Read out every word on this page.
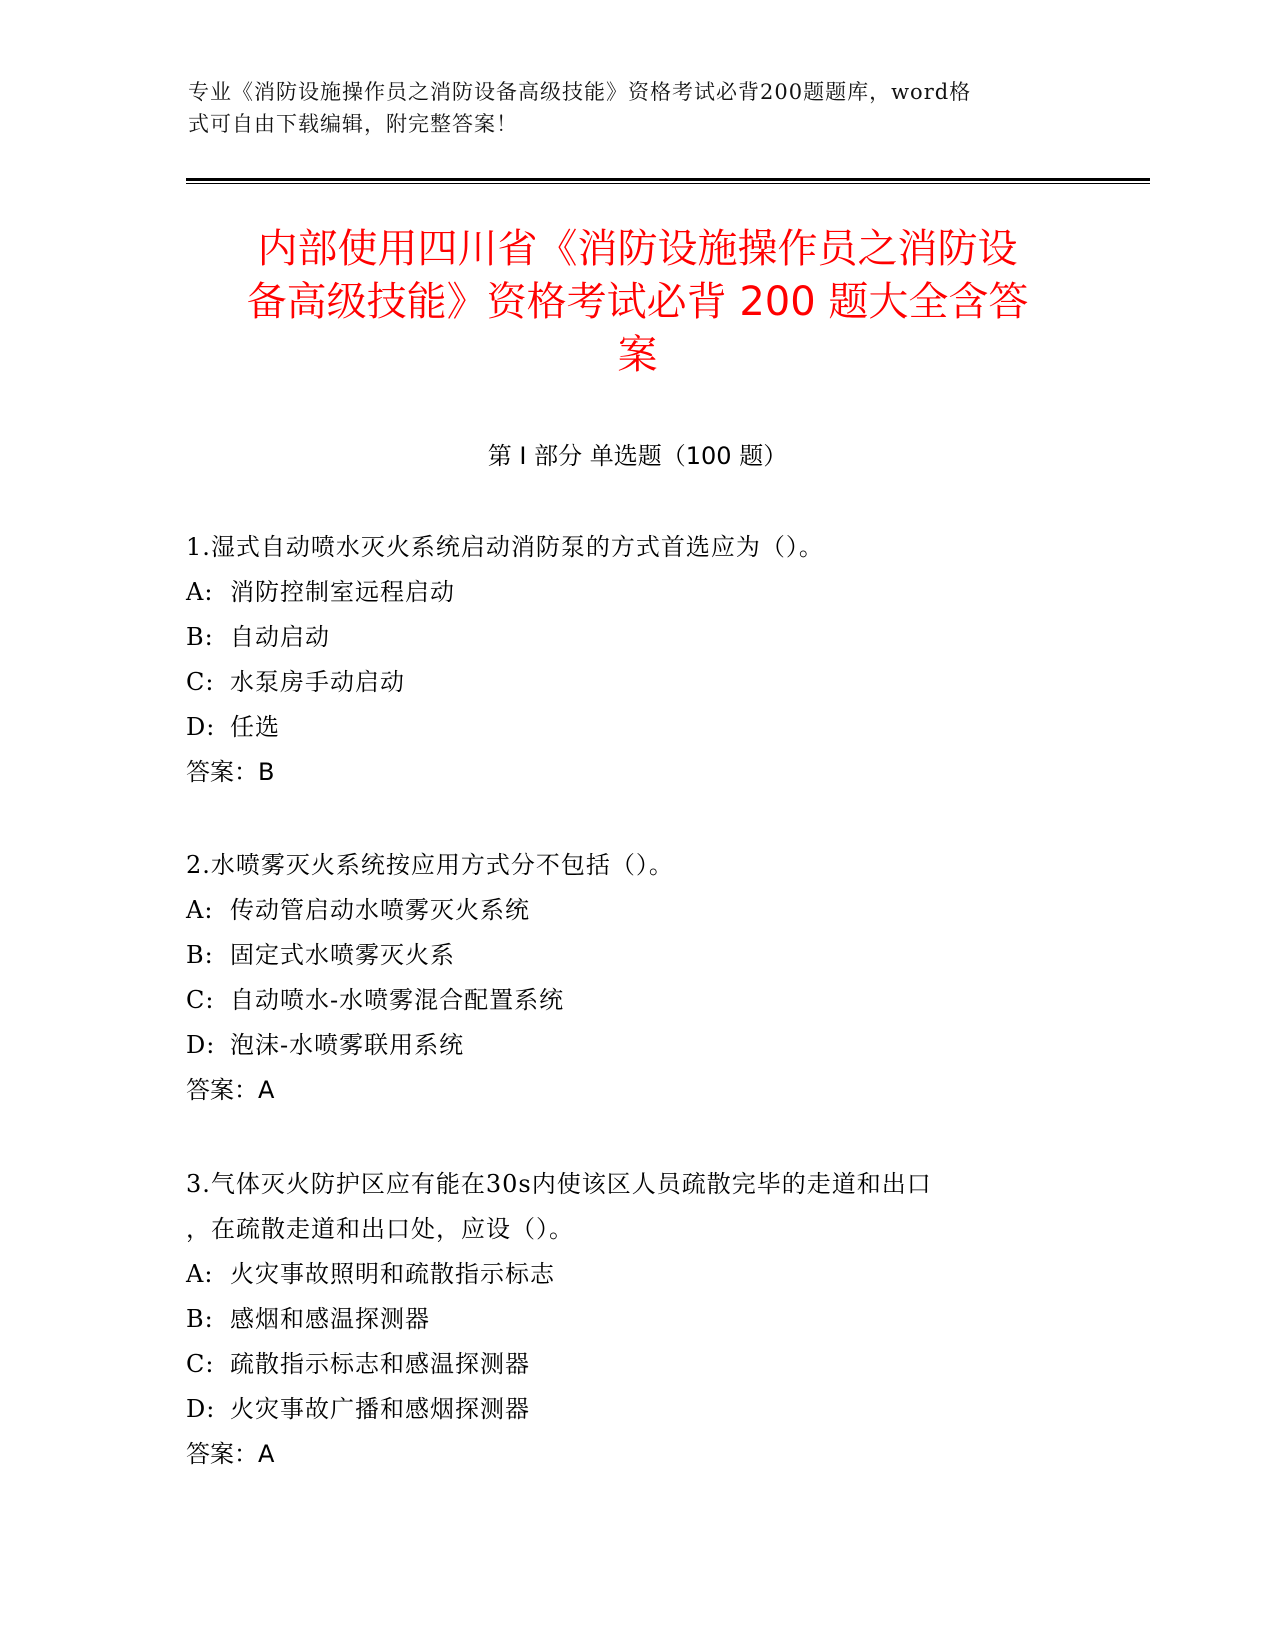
专业《消防设施操作员之消防设备高级技能》资格考试必背200题题库，word格
式可自由下载编辑，附完整答案！
内部使用四川省《消防设施操作员之消防设
备高级技能》资格考试必背 200 题大全含答
案
第 I 部分 单选题（100 题）
1.湿式自动喷水灭火系统启动消防泵的方式首选应为（）。
A: 消防控制室远程启动
B: 自动启动
C: 水泵房手动启动
D: 任选
答案：B
2.水喷雾灭火系统按应用方式分不包括（）。
A: 传动管启动水喷雾灭火系统
B: 固定式水喷雾灭火系
C: 自动喷水-水喷雾混合配置系统
D: 泡沫-水喷雾联用系统
答案：A
3.气体灭火防护区应有能在30s内使该区人员疏散完毕的走道和出口
，在疏散走道和出口处，应设（）。
A: 火灾事故照明和疏散指示标志
B: 感烟和感温探测器
C: 疏散指示标志和感温探测器
D: 火灾事故广播和感烟探测器
答案：A
